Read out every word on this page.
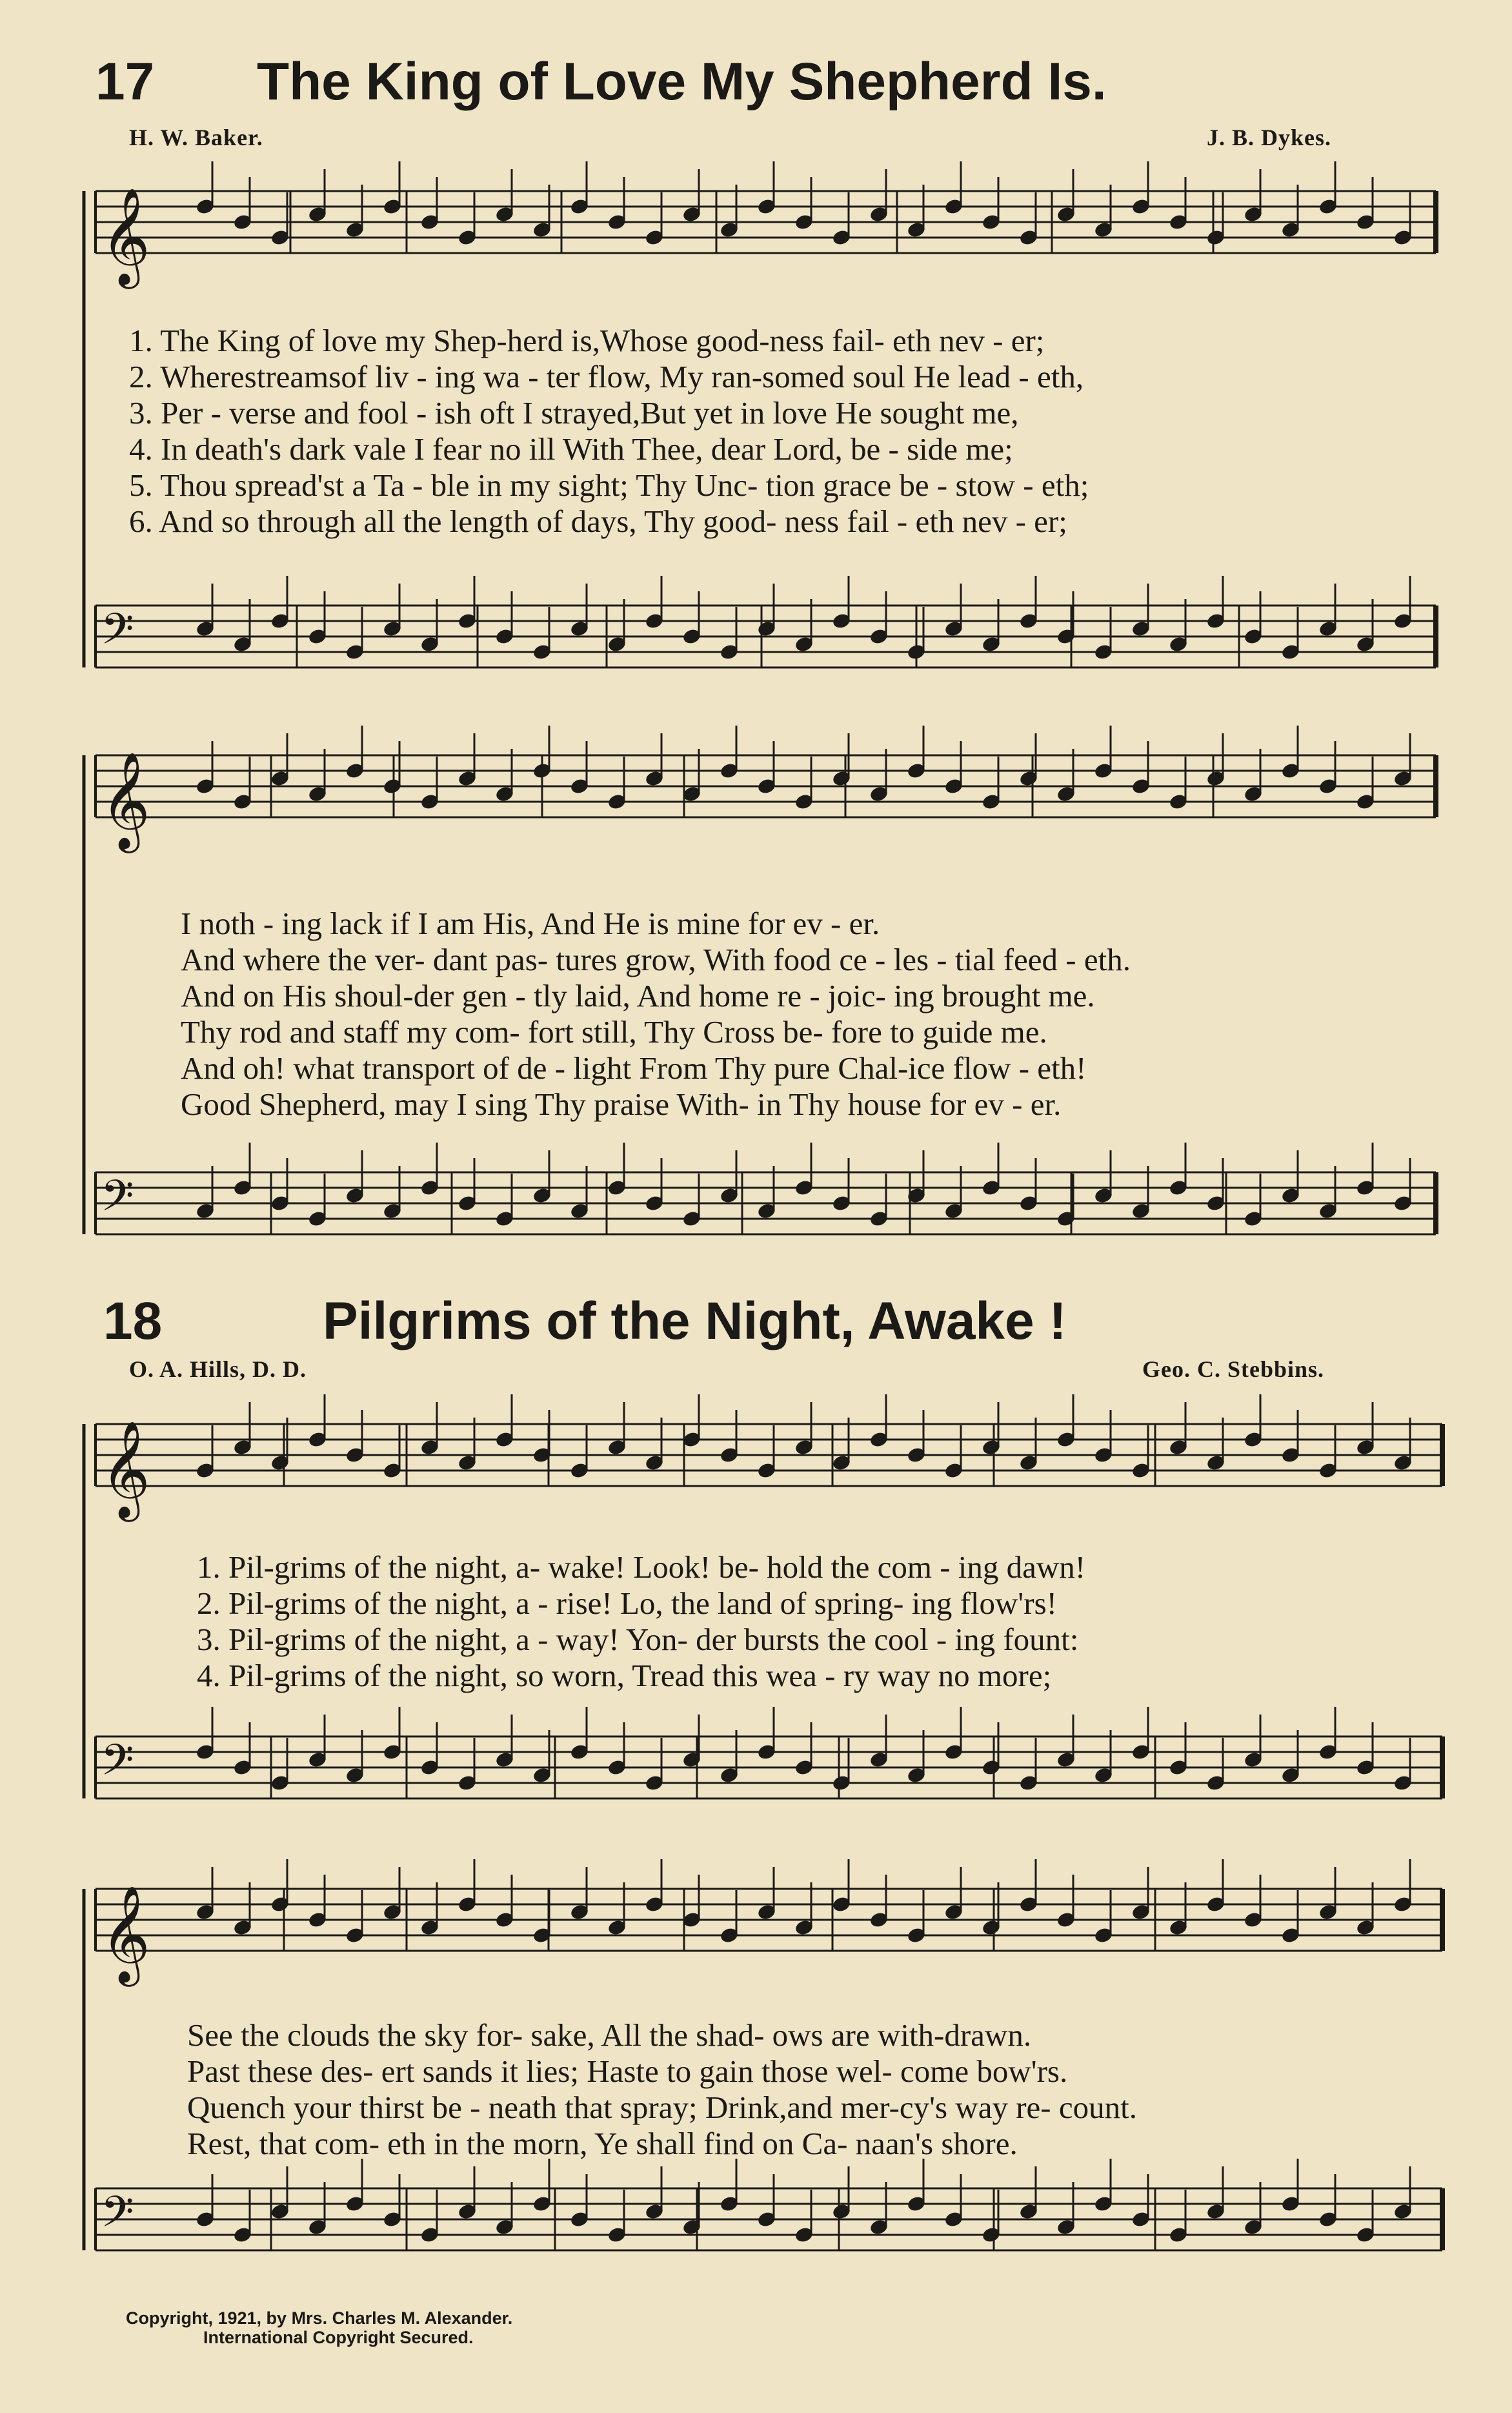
𝄞
𝄢
𝄞
𝄢
𝄞
𝄢
𝄞
𝄢
17 The King of Love My Shepherd Is.
H. W. Baker.	J. B. Dykes.
1. The King of love my Shep-herd is,Whose good-ness fail- eth nev - er;
2. Wherestreamsof liv - ing wa - ter flow, My ran-somed soul He lead - eth,
3. Per - verse and fool - ish oft I strayed,But yet in love He sought me,
4. In death's dark vale I fear no ill With Thee, dear Lord, be - side me;
5. Thou spread'st a Ta - ble in my sight; Thy Unc- tion grace be - stow - eth;
6. And so through all the length of days, Thy good- ness fail - eth nev - er;
I noth - ing lack if I am His, And He is mine for ev - er.
And where the ver- dant pas- tures grow, With food ce - les - tial feed - eth.
And on His shoul-der gen - tly laid, And home re - joic- ing brought me.
Thy rod and staff my com- fort still, Thy Cross be- fore to guide me.
And oh! what transport of de - light From Thy pure Chal-ice flow - eth!
Good Shepherd, may I sing Thy praise With- in Thy house for ev - er.
18	Pilgrims of the Night, Awake !
O. A. Hills, D. D.	Geo. C. Stebbins.
1. Pil-grims of the night, a- wake! Look! be- hold the com - ing dawn!
2. Pil-grims of the night, a - rise! Lo, the land of spring- ing flow'rs!
3. Pil-grims of the night, a - way! Yon- der bursts the cool - ing fount:
4. Pil-grims of the night, so worn, Tread this wea - ry way no more;
See the clouds the sky for- sake, All the shad- ows are with-drawn.
Past these des- ert sands it lies; Haste to gain those wel- come bow'rs.
Quench your thirst be - neath that spray; Drink,and mer-cy's way re- count.
Rest, that com- eth in the morn, Ye shall find on Ca- naan's shore.
Copyright, 1921, by Mrs. Charles M. Alexander.
International Copyright Secured.
